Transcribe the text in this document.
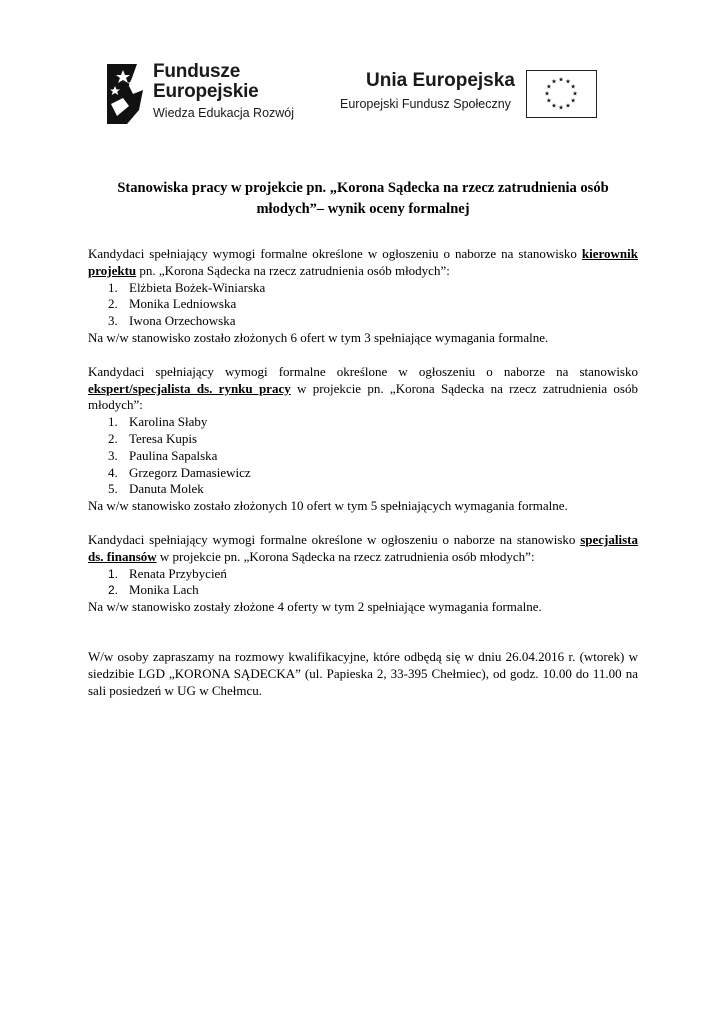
Fundusze
Europejskie
Wiedza Edukacja Rozwój
Unia Europejska
Europejski Fundusz Społeczny
Stanowiska pracy w projekcie pn. „Korona Sądecka na rzecz zatrudnienia osób młodych”– wynik oceny formalnej

Kandydaci spełniający wymogi formalne określone w ogłoszeniu o naborze na stanowisko kierownik projektu pn. „Korona Sądecka na rzecz zatrudnienia osób młodych”:

1. Elżbieta Bożek-Winiarska
2. Monika Ledniowska
3. Iwona Orzechowska

Na w/w stanowisko zostało złożonych 6 ofert w tym 3 spełniające wymagania formalne.

Kandydaci spełniający wymogi formalne określone w ogłoszeniu o naborze na stanowisko ekspert/specjalista ds. rynku pracy w projekcie pn. „Korona Sądecka na rzecz zatrudnienia osób młodych”:

1. Karolina Słaby
2. Teresa Kupis
3. Paulina Sapalska
4. Grzegorz Damasiewicz
5. Danuta Molek

Na w/w stanowisko zostało złożonych 10 ofert w tym 5 spełniających wymagania formalne.

Kandydaci spełniający wymogi formalne określone w ogłoszeniu o naborze na stanowisko specjalista ds. finansów w projekcie pn. „Korona Sądecka na rzecz zatrudnienia osób młodych”:

1. Renata Przybycień
2. Monika Lach

Na w/w stanowisko zostały złożone 4 oferty w tym 2 spełniające wymagania formalne.

W/w osoby zapraszamy na rozmowy kwalifikacyjne, które odbędą się w dniu 26.04.2016 r. (wtorek) w siedzibie LGD „KORONA SĄDECKA” (ul. Papieska 2, 33-395 Chełmiec), od godz. 10.00 do 11.00 na sali posiedzeń w UG w Chełmcu.
